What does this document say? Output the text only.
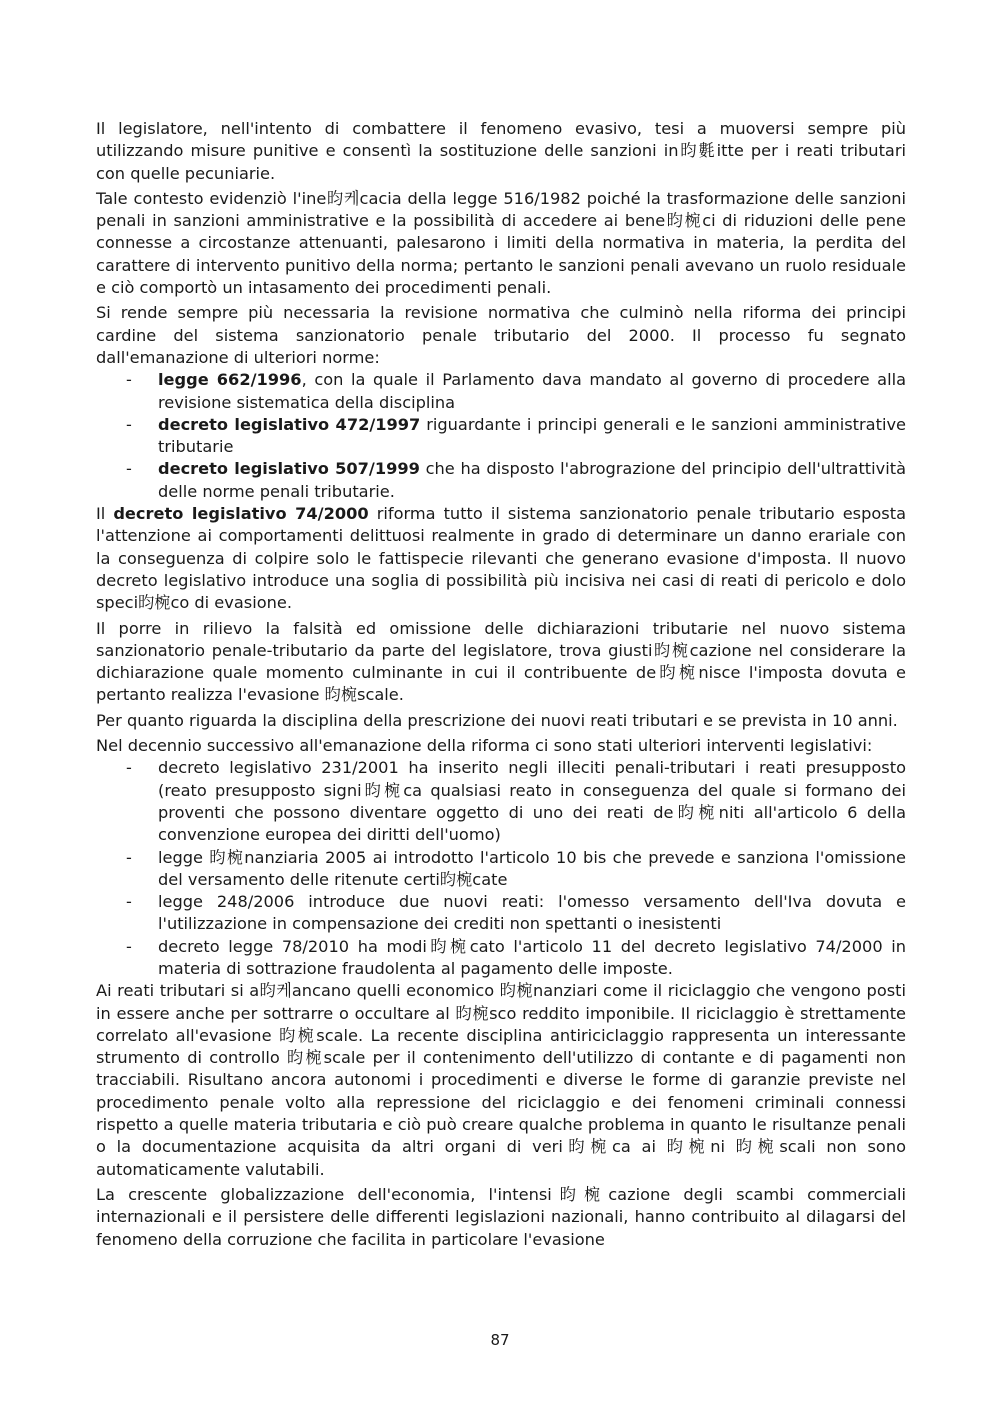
Il legislatore, nell'intento di combattere il fenomeno evasivo, tesi a muoversi sempre più utilizzando misure punitive e consentì la sostituzione delle sanzioni in昀氀itte per i reati tributari con quelle pecuniarie.

Tale contesto evidenziò l'ine昀케cacia della legge 516/1982 poiché la trasformazione delle sanzioni penali in sanzioni amministrative e la possibilità di accedere ai bene昀椀ci di riduzioni delle pene connesse a circostanze attenuanti, palesarono i limiti della normativa in materia, la perdita del carattere di intervento punitivo della norma; pertanto le sanzioni penali avevano un ruolo residuale e ciò comportò un intasamento dei procedimenti penali.

Si rende sempre più necessaria la revisione normativa che culminò nella riforma dei principi cardine del sistema sanzionatorio penale tributario del 2000. Il processo fu segnato dall'emanazione di ulteriori norme:

- legge 662/1996, con la quale il Parlamento dava mandato al governo di procedere alla revisione sistematica della disciplina
- decreto legislativo 472/1997 riguardante i principi generali e le sanzioni amministrative tributarie
- decreto legislativo 507/1999 che ha disposto l'abrograzione del principio dell'ultrattività delle norme penali tributarie.

Il decreto legislativo 74/2000 riforma tutto il sistema sanzionatorio penale tributario esposta l'attenzione ai comportamenti delittuosi realmente in grado di determinare un danno erariale con la conseguenza di colpire solo le fattispecie rilevanti che generano evasione d'imposta. Il nuovo decreto legislativo introduce una soglia di possibilità più incisiva nei casi di reati di pericolo e dolo speci昀椀co di evasione.

Il porre in rilievo la falsità ed omissione delle dichiarazioni tributarie nel nuovo sistema sanzionatorio penale-tributario da parte del legislatore, trova giusti昀椀cazione nel considerare la dichiarazione quale momento culminante in cui il contribuente de昀椀nisce l'imposta dovuta e pertanto realizza l'evasione 昀椀scale.

Per quanto riguarda la disciplina della prescrizione dei nuovi reati tributari e se prevista in 10 anni.

Nel decennio successivo all'emanazione della riforma ci sono stati ulteriori interventi legislativi:

- decreto legislativo 231/2001 ha inserito negli illeciti penali-tributari i reati presupposto (reato presupposto signi昀椀ca qualsiasi reato in conseguenza del quale si formano dei proventi che possono diventare oggetto di uno dei reati de昀椀niti all'articolo 6 della convenzione europea dei diritti dell'uomo)
- legge 昀椀nanziaria 2005 ai introdotto l'articolo 10 bis che prevede e sanziona l'omissione del versamento delle ritenute certi昀椀cate
- legge 248/2006 introduce due nuovi reati: l'omesso versamento dell'Iva dovuta e l'utilizzazione in compensazione dei crediti non spettanti o inesistenti
- decreto legge 78/2010 ha modi昀椀cato l'articolo 11 del decreto legislativo 74/2000 in materia di sottrazione fraudolenta al pagamento delle imposte.

Ai reati tributari si a昀케ancano quelli economico 昀椀nanziari come il riciclaggio che vengono posti in essere anche per sottrarre o occultare al 昀椀sco reddito imponibile. Il riciclaggio è strettamente correlato all'evasione 昀椀scale. La recente disciplina antiriciclaggio rappresenta un interessante strumento di controllo 昀椀scale per il contenimento dell'utilizzo di contante e di pagamenti non tracciabili. Risultano ancora autonomi i procedimenti e diverse le forme di garanzie previste nel procedimento penale volto alla repressione del riciclaggio e dei fenomeni criminali connessi rispetto a quelle materia tributaria e ciò può creare qualche problema in quanto le risultanze penali o la documentazione acquisita da altri organi di veri昀椀ca ai 昀椀ni 昀椀scali non sono automaticamente valutabili.

La crescente globalizzazione dell'economia, l'intensi昀椀cazione degli scambi commerciali internazionali e il persistere delle differenti legislazioni nazionali, hanno contribuito al dilagarsi del fenomeno della corruzione che facilita in particolare l'evasione

87
